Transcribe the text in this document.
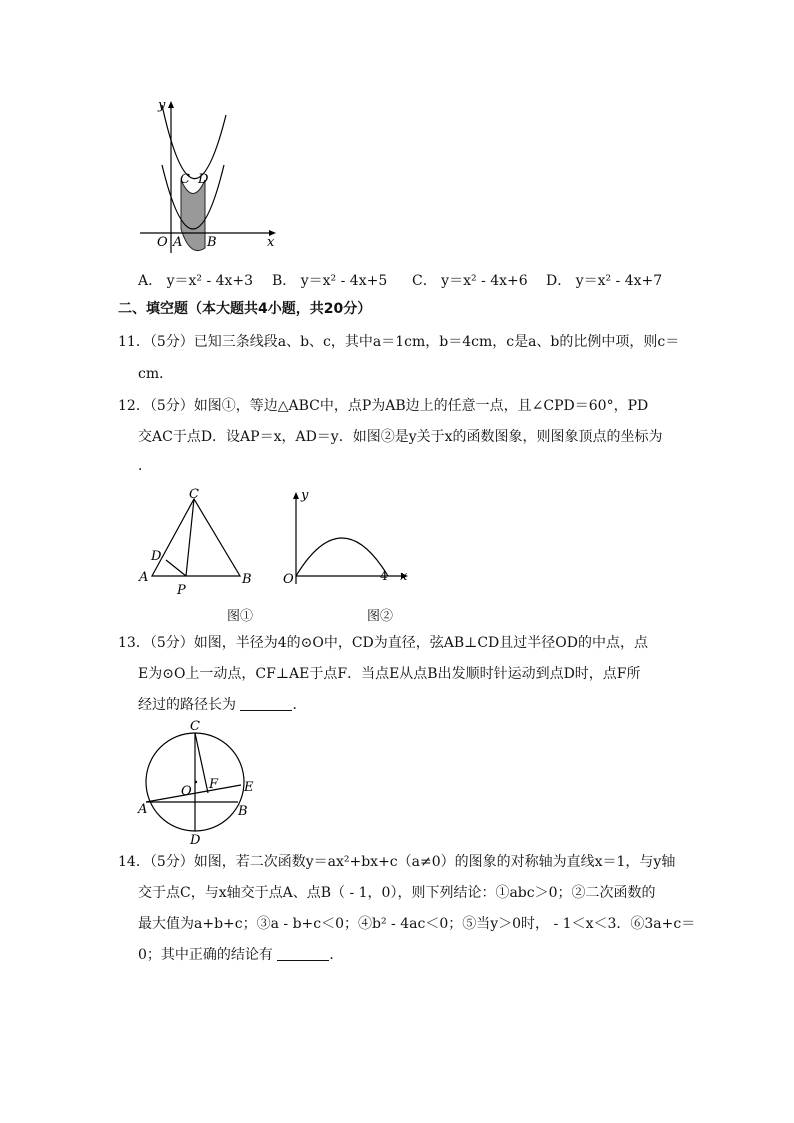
y
x
O A B
C D
A． y＝x² - 4x+3 B． y＝x² - 4x+5 C． y＝x² - 4x+6 D． y＝x² - 4x+7
二、填空题（本大题共4小题，共20分）
11．（5分）已知三条线段a、b、c，其中a＝1cm，b＝4cm，c是a、b的比例中项，则c＝
cm．
12．（5分）如图①，等边△ABC中，点P为AB边上的任意一点，且∠CPD＝60°，PD
交AC于点D．设AP＝x，AD＝y．如图②是y关于x的函数图象，则图象顶点的坐标为
．
C
D
A
P
B
图①
y
O	4 x
图②
13．（5分）如图，半径为4的⊙O中，CD为直径，弦AB⊥CD且过半径OD的中点，点
E为⊙O上一动点，CF⊥AE于点F．当点E从点B出发顺时针运动到点D时，点F所
经过的路径长为	．
C
O F E
A	B
D
14．（5分）如图，若二次函数y＝ax²+bx+c（a≠0）的图象的对称轴为直线x＝1，与y轴
交于点C，与x轴交于点A、点B（ - 1，0），则下列结论：①abc＞0；②二次函数的
最大值为a+b+c；③a - b+c＜0；④b² - 4ac＜0；⑤当y＞0时， - 1＜x＜3．⑥3a+c＝
0；其中正确的结论有	．
